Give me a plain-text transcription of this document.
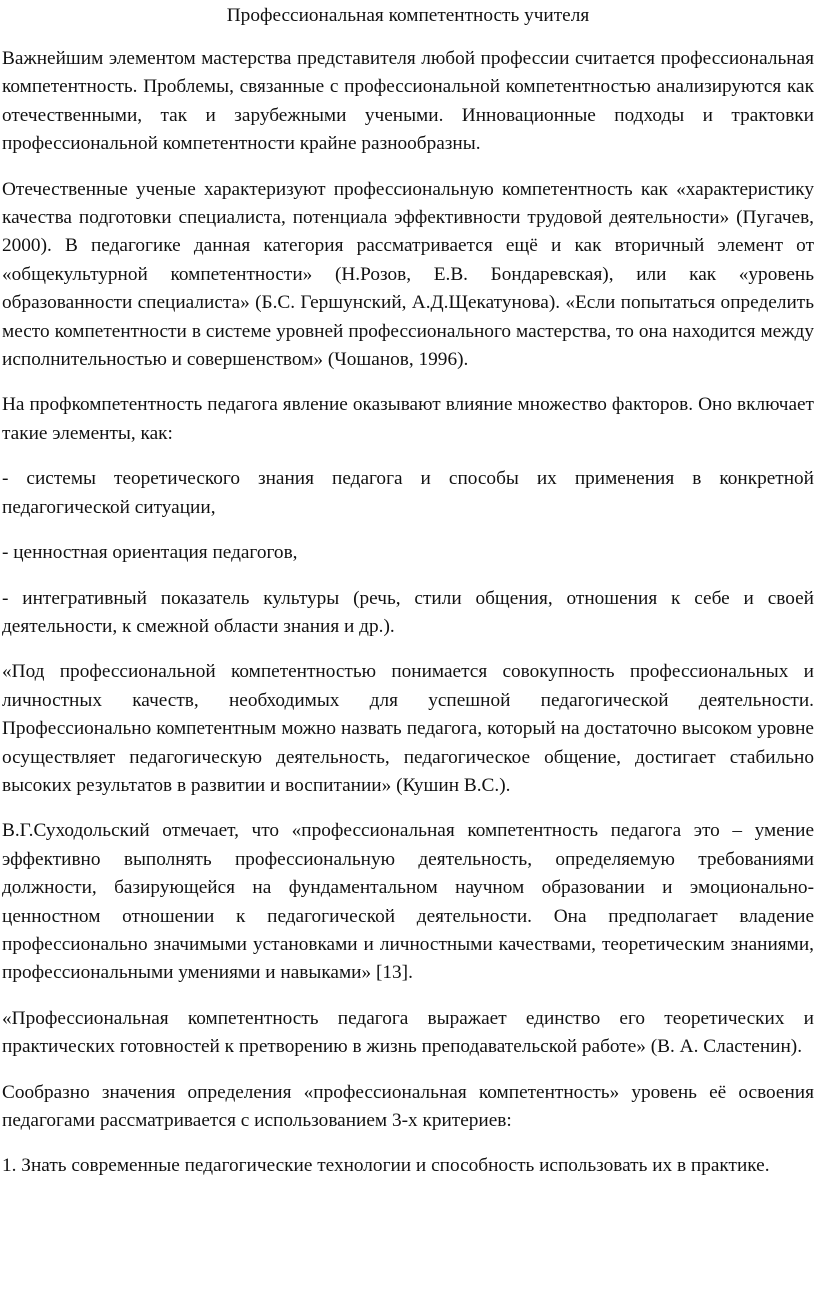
Профессиональная компетентность учителя

Важнейшим элементом мастерства представителя любой профессии считается профессиональная компетентность. Проблемы, связанные с профессиональной компетентностью анализируются как отечественными, так и зарубежными учеными. Инновационные подходы и трактовки профессиональной компетентности крайне разнообразны.

Отечественные ученые характеризуют профессиональную компетентность как «характеристику качества подготовки специалиста, потенциала эффективности трудовой деятельности» (Пугачев, 2000). В педагогике данная категория рассматривается ещё и как вторичный элемент от «общекультурной компетентности» (Н.Розов, Е.В. Бондаревская), или как «уровень образованности специалиста» (Б.С. Гершунский, А.Д.Щекатунова). «Если попытаться определить место компетентности в системе уровней профессионального мастерства, то она находится между исполнительностью и совершенством» (Чошанов, 1996).

На профкомпетентность педагога явление оказывают влияние множество факторов. Оно включает такие элементы, как:

- системы теоретического знания педагога и способы их применения в конкретной педагогической ситуации,

- ценностная ориентация педагогов,

- интегративный показатель культуры (речь, стили общения, отношения к себе и своей деятельности, к смежной области знания и др.).

«Под профессиональной компетентностью понимается совокупность профессиональных и личностных качеств, необходимых для успешной педагогической деятельности. Профессионально компетентным можно назвать педагога, который на достаточно высоком уровне осуществляет педагогическую деятельность, педагогическое общение, достигает стабильно высоких результатов в развитии и воспитании» (Кушин В.С.).

В.Г.Суходольский отмечает, что «профессиональная компетентность педагога это – умение эффективно выполнять профессиональную деятельность, определяемую требованиями должности, базирующейся на фундаментальном научном образовании и эмоционально-ценностном отношении к педагогической деятельности. Она предполагает владение профессионально значимыми установками и личностными качествами, теоретическим знаниями, профессиональными умениями и навыками» [13].

«Профессиональная компетентность педагога выражает единство его теоретических и практических готовностей к претворению в жизнь преподавательской работе» (В. А. Сластенин).

Сообразно значения определения «профессиональная компетентность» уровень её освоения педагогами рассматривается с использованием 3-х критериев:

1. Знать современные педагогические технологии и способность использовать их в практике.
